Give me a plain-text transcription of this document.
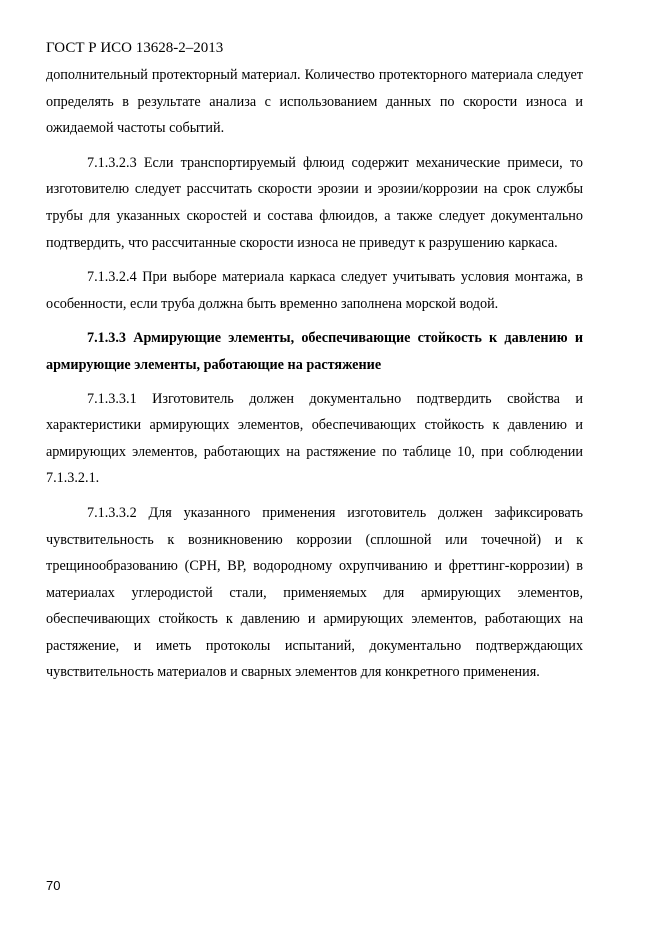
ГОСТ Р ИСО 13628-2–2013

дополнительный протекторный материал. Количество протекторного материала следует определять в результате анализа с использованием данных по скорости износа и ожидаемой частоты событий.

7.1.3.2.3 Если транспортируемый флюид содержит механические примеси, то изготовителю следует рассчитать скорости эрозии и эрозии/коррозии на срок службы трубы для указанных скоростей и состава флюидов, а также следует документально подтвердить, что рассчитанные скорости износа не приведут к разрушению каркаса.

7.1.3.2.4 При выборе материала каркаса следует учитывать условия монтажа, в особенности, если труба должна быть временно заполнена морской водой.

7.1.3.3 Армирующие элементы, обеспечивающие стойкость к давлению и армирующие элементы, работающие на растяжение

7.1.3.3.1 Изготовитель должен документально подтвердить свойства и характеристики армирующих элементов, обеспечивающих стойкость к давлению и армирующих элементов, работающих на растяжение по таблице 10, при соблюдении 7.1.3.2.1.

7.1.3.3.2 Для указанного применения изготовитель должен зафиксировать чувствительность к возникновению коррозии (сплошной или точечной) и к трещинообразованию (СРН, ВР, водородному охрупчиванию и фреттинг-коррозии) в материалах углеродистой стали, применяемых для армирующих элементов, обеспечивающих стойкость к давлению и армирующих элементов, работающих на растяжение, и иметь протоколы испытаний, документально подтверждающих чувствительность материалов и сварных элементов для конкретного применения.

70
